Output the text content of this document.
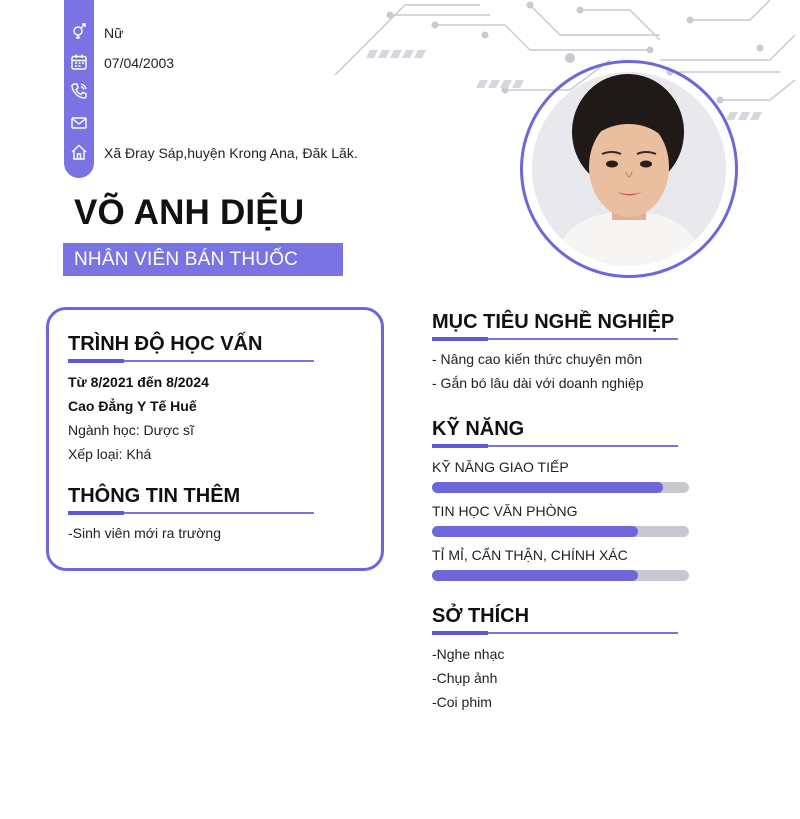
Nữ
07/04/2003
Xã Đray Sáp,huyện Krong Ana, Đăk Lăk.
VÕ ANH DIỆU
NHÂN VIÊN BÁN THUỐC
TRÌNH ĐỘ HỌC VẤN
Từ 8/2021 đến 8/2024
Cao Đẳng Y Tế Huế
Ngành học: Dược sĩ
Xếp loại: Khá
THÔNG TIN THÊM
-Sinh viên mới ra trường
MỤC TIÊU NGHỀ NGHIỆP
- Nâng cao kiến thức chuyên môn
- Gắn bó lâu dài với doanh nghiệp
KỸ NĂNG
KỸ NĂNG GIAO TIẾP
TIN HỌC VĂN PHÒNG
TỈ MỈ, CẨN THẬN, CHÍNH XÁC
SỞ THÍCH
-Nghe nhạc
-Chụp ảnh
-Coi phim
